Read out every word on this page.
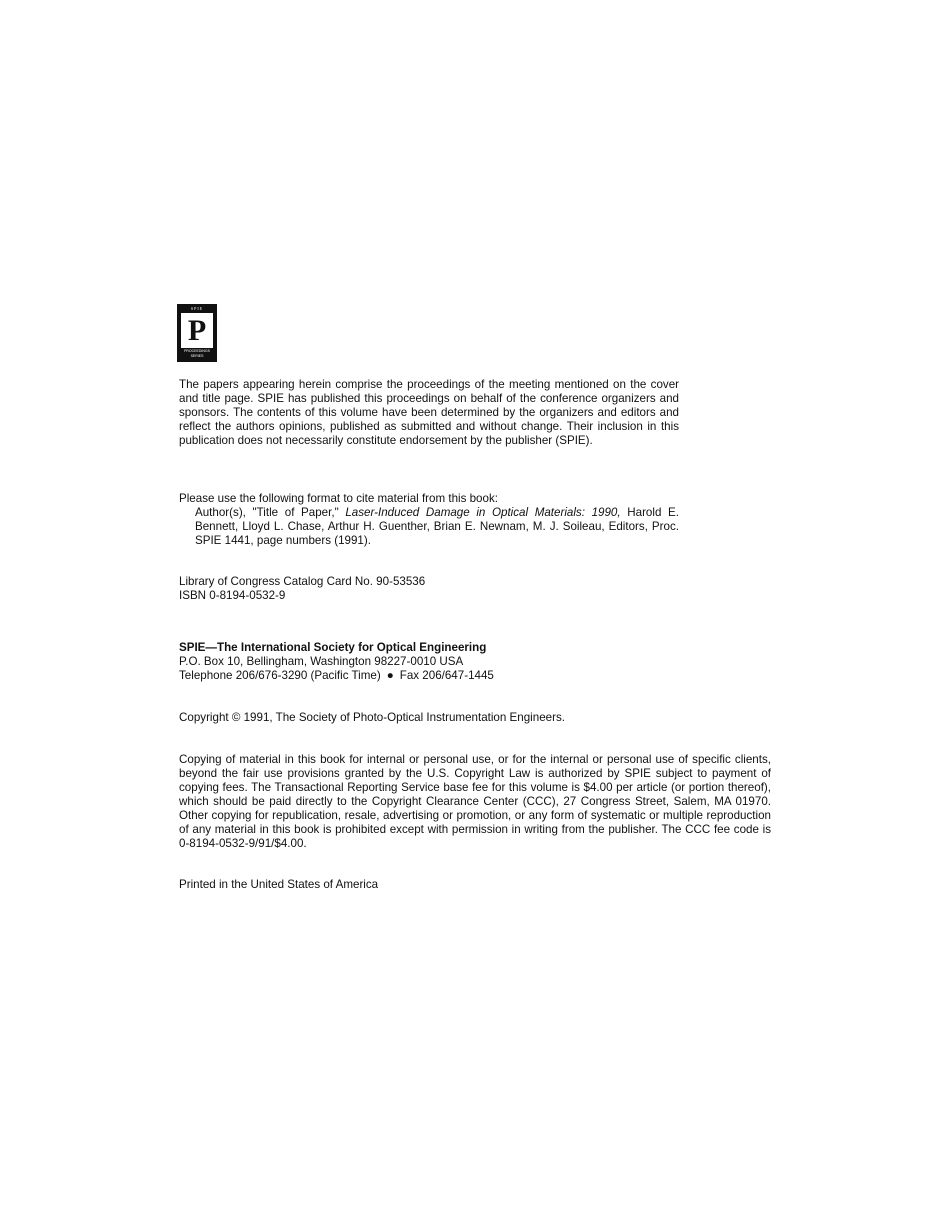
SPIE
P
PROCEEDINGS
SERIES

The papers appearing herein comprise the proceedings of the meeting mentioned on the cover and title page. SPIE has published this proceedings on behalf of the conference organizers and sponsors. The contents of this volume have been determined by the organizers and editors and reflect the authors opinions, published as submitted and without change. Their inclusion in this publication does not necessarily constitute endorsement by the publisher (SPIE).

Please use the following format to cite material from this book:

Author(s), "Title of Paper," Laser-Induced Damage in Optical Materials: 1990, Harold E. Bennett, Lloyd L. Chase, Arthur H. Guenther, Brian E. Newnam, M. J. Soileau, Editors, Proc. SPIE 1441, page numbers (1991).

Library of Congress Catalog Card No. 90-53536
ISBN 0-8194-0532-9
SPIE—The International Society for Optical Engineering
P.O. Box 10, Bellingham, Washington 98227-0010 USA
Telephone 206/676-3290 (Pacific Time) ● Fax 206/647-1445

Copyright © 1991, The Society of Photo-Optical Instrumentation Engineers.

Copying of material in this book for internal or personal use, or for the internal or personal use of specific clients, beyond the fair use provisions granted by the U.S. Copyright Law is authorized by SPIE subject to payment of copying fees. The Transactional Reporting Service base fee for this volume is $4.00 per article (or portion thereof), which should be paid directly to the Copyright Clearance Center (CCC), 27 Congress Street, Salem, MA 01970. Other copying for republication, resale, advertising or promotion, or any form of systematic or multiple reproduction of any material in this book is prohibited except with permission in writing from the publisher. The CCC fee code is 0-8194-0532-9/91/$4.00.

Printed in the United States of America
